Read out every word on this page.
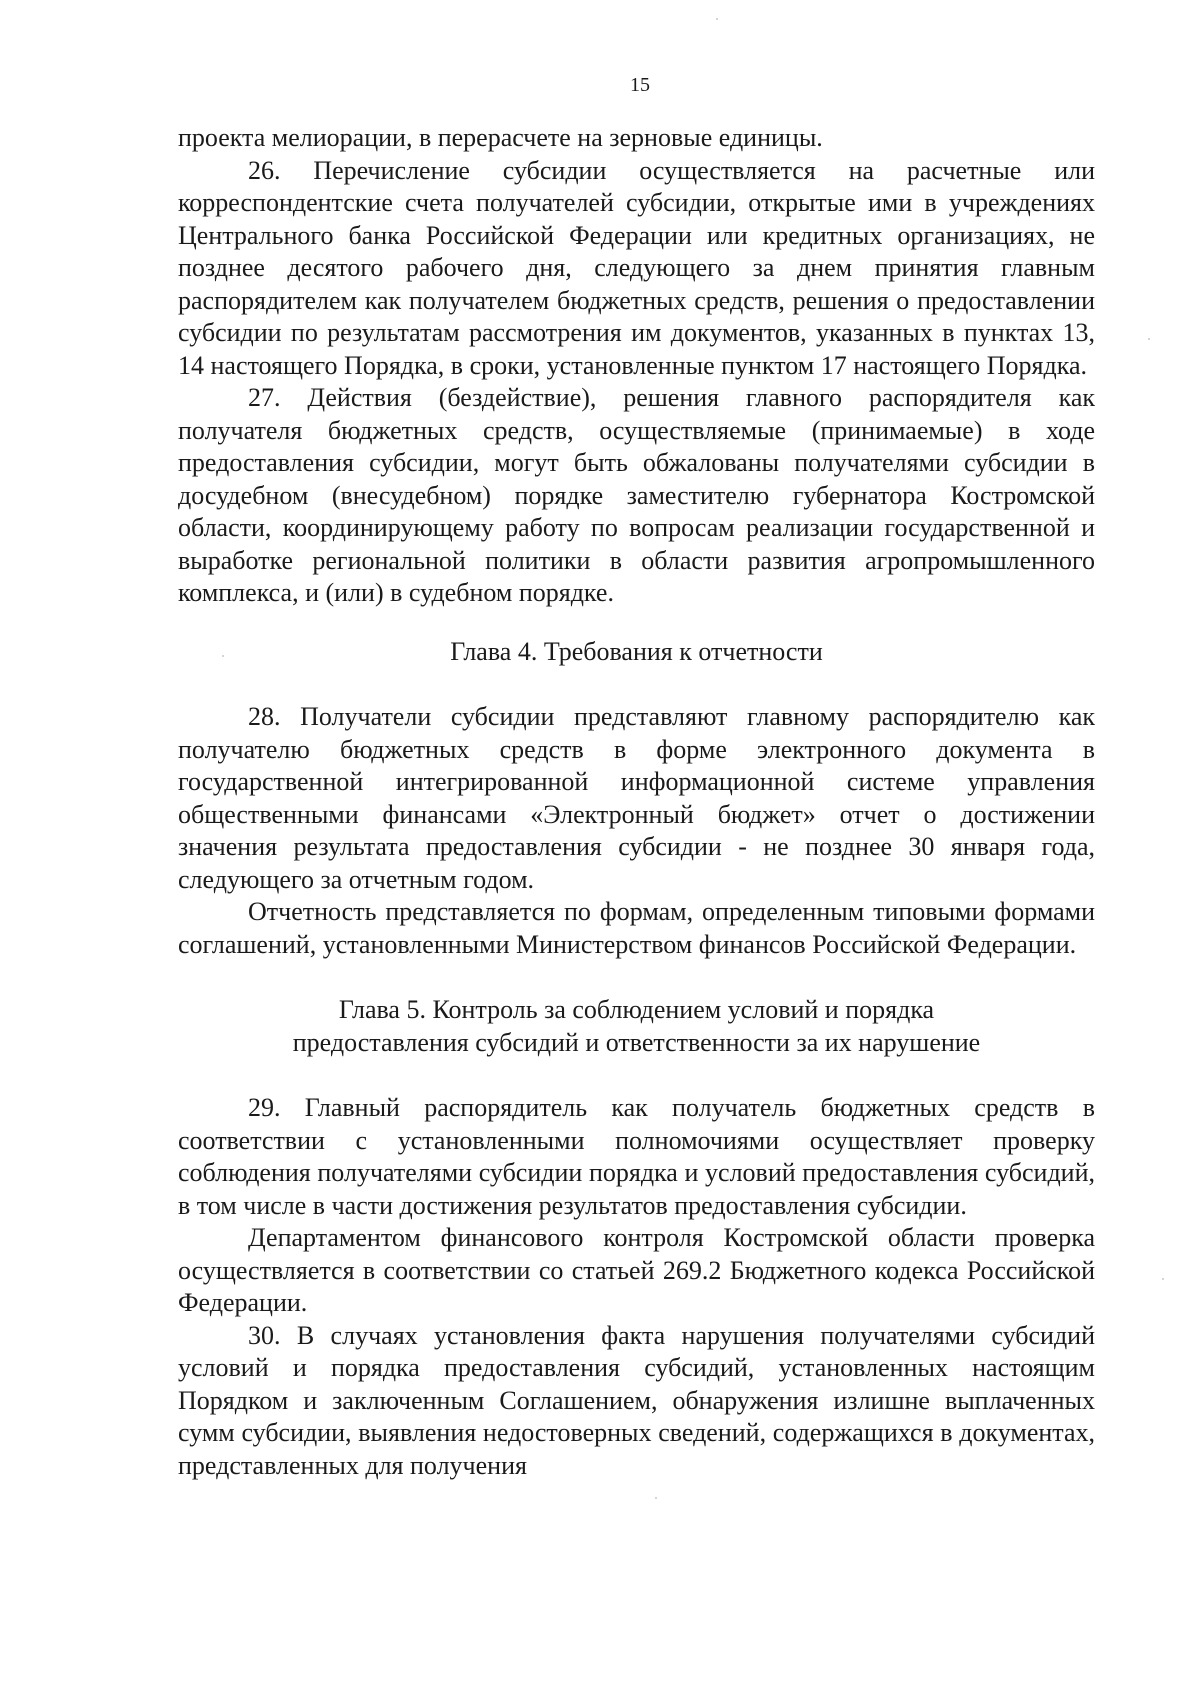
15

проекта мелиорации, в перерасчете на зерновые единицы.

26. Перечисление субсидии осуществляется на расчетные или корреспондентские счета получателей субсидии, открытые ими в учреждениях Центрального банка Российской Федерации или кредитных организациях, не позднее десятого рабочего дня, следующего за днем принятия главным распорядителем как получателем бюджетных средств, решения о предоставлении субсидии по результатам рассмотрения им документов, указанных в пунктах 13, 14 настоящего Порядка, в сроки, установленные пунктом 17 настоящего Порядка.

27. Действия (бездействие), решения главного распорядителя как получателя бюджетных средств, осуществляемые (принимаемые) в ходе предоставления субсидии, могут быть обжалованы получателями субсидии в досудебном (внесудебном) порядке заместителю губернатора Костромской области, координирующему работу по вопросам реализации государственной и выработке региональной политики в области развития агропромышленного комплекса, и (или) в судебном порядке.

Глава 4. Требования к отчетности

28. Получатели субсидии представляют главному распорядителю как получателю бюджетных средств в форме электронного документа в государственной интегрированной информационной системе управления общественными финансами «Электронный бюджет» отчет о достижении значения результата предоставления субсидии - не позднее 30 января года, следующего за отчетным годом.

Отчетность представляется по формам, определенным типовыми формами соглашений, установленными Министерством финансов Российской Федерации.

Глава 5. Контроль за соблюдением условий и порядка
предоставления субсидий и ответственности за их нарушение

29. Главный распорядитель как получатель бюджетных средств в соответствии с установленными полномочиями осуществляет проверку соблюдения получателями субсидии порядка и условий предоставления субсидий, в том числе в части достижения результатов предоставления субсидии.

Департаментом финансового контроля Костромской области проверка осуществляется в соответствии со статьей 269.2 Бюджетного кодекса Российской Федерации.

30. В случаях установления факта нарушения получателями субсидий условий и порядка предоставления субсидий, установленных настоящим Порядком и заключенным Соглашением, обнаружения излишне выплаченных сумм субсидии, выявления недостоверных сведений, содержащихся в документах, представленных для получения
